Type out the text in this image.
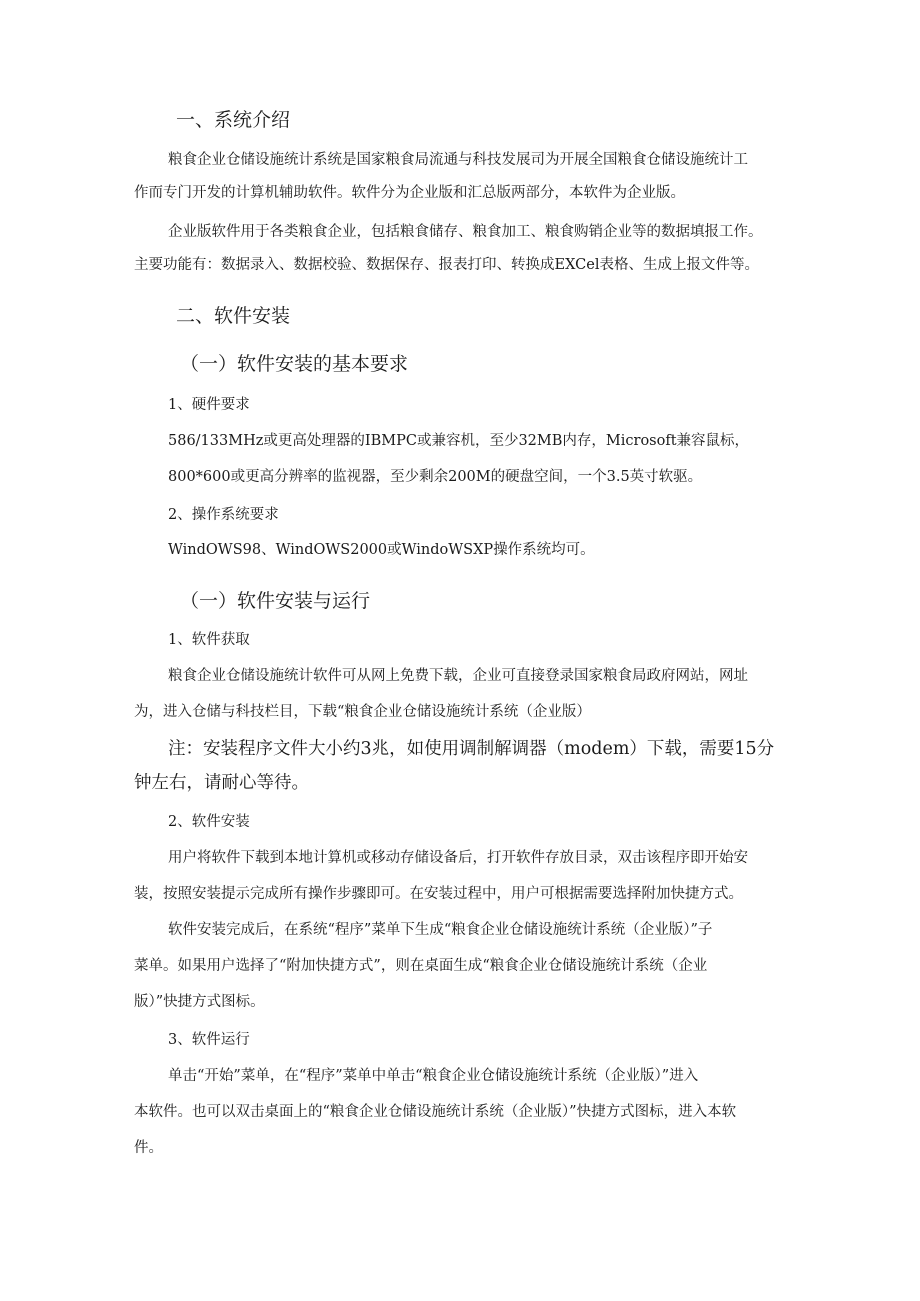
一、系统介绍
粮食企业仓储设施统计系统是国家粮食局流通与科技发展司为开展全国粮食仓储设施统计工
作而专门开发的计算机辅助软件。软件分为企业版和汇总版两部分，本软件为企业版。
企业版软件用于各类粮食企业，包括粮食储存、粮食加工、粮食购销企业等的数据填报工作。
主要功能有：数据录入、数据校验、数据保存、报表打印、转换成EXCel表格、生成上报文件等。
二、软件安装
（一）软件安装的基本要求
1、硬件要求
586/133MHz或更高处理器的IBMPC或兼容机，至少32MB内存，Microsoft兼容鼠标，
800*600或更高分辨率的监视器，至少剩余200M的硬盘空间，一个3.5英寸软驱。
2、操作系统要求
WindOWS98、WindOWS2000或WindoWSXP操作系统均可。
（一）软件安装与运行
1、软件获取
粮食企业仓储设施统计软件可从网上免费下载，企业可直接登录国家粮食局政府网站，网址
为，进入仓储与科技栏目，下载“粮食企业仓储设施统计系统（企业版）
注：安装程序文件大小约3兆，如使用调制解调器（modem）下载，需要15分
钟左右，请耐心等待。
2、软件安装
用户将软件下载到本地计算机或移动存储设备后，打开软件存放目录，双击该程序即开始安
装，按照安装提示完成所有操作步骤即可。在安装过程中，用户可根据需要选择附加快捷方式。
软件安装完成后，在系统“程序”菜单下生成“粮食企业仓储设施统计系统（企业版）”子
菜单。如果用户选择了“附加快捷方式”，则在桌面生成“粮食企业仓储设施统计系统（企业
版）”快捷方式图标。
3、软件运行
单击“开始”菜单，在“程序”菜单中单击“粮食企业仓储设施统计系统（企业版）”进入
本软件。也可以双击桌面上的“粮食企业仓储设施统计系统（企业版）”快捷方式图标，进入本软
件。
